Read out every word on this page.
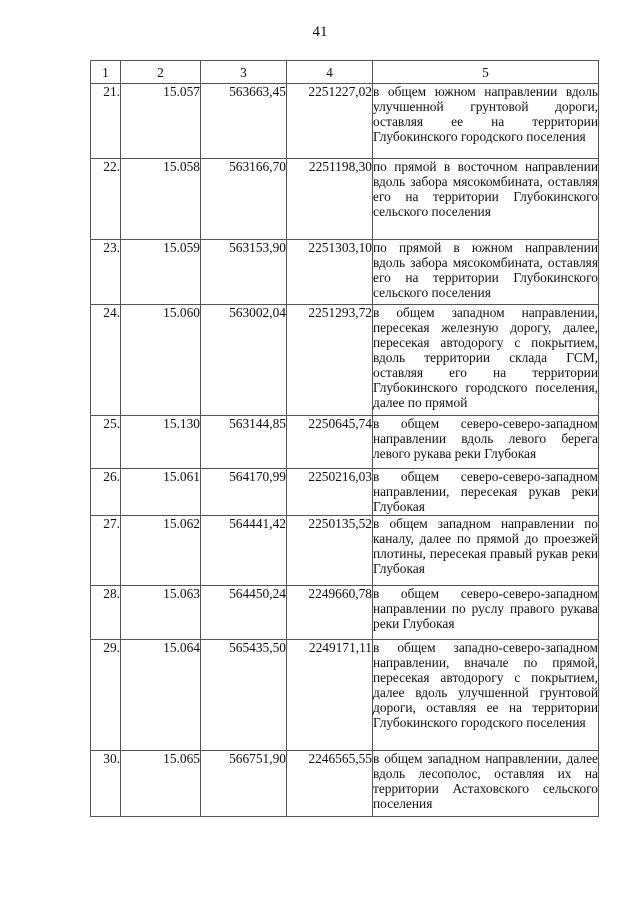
41
1	2	3	4	5
21.	15.057	563663,45	2251227,02	в общем южном направлении вдоль улучшенной грунтовой дороги, оставляя ее на территории Глубокинского городского поселения
22.	15.058	563166,70	2251198,30	по прямой в восточном направлении вдоль забора мясокомбината, оставляя его на территории Глубокинского сельского поселения
23.	15.059	563153,90	2251303,10	по прямой в южном направлении вдоль забора мясокомбината, оставляя его на территории Глубокинского сельского поселения
24.	15.060	563002,04	2251293,72	в общем западном направлении, пересекая железную дорогу, далее, пересекая автодорогу с покрытием, вдоль территории склада ГСМ, оставляя его на территории Глубокинского городского поселения, далее по прямой
25.	15.130	563144,85	2250645,74	в общем северо-северо-западном направлении вдоль левого берега левого рукава реки Глубокая
26.	15.061	564170,99	2250216,03	в общем северо-северо-западном направлении, пересекая рукав реки Глубокая
27.	15.062	564441,42	2250135,52	в общем западном направлении по каналу, далее по прямой до проезжей плотины, пересекая правый рукав реки Глубокая
28.	15.063	564450,24	2249660,78	в общем северо-северо-западном направлении по руслу правого рукава реки Глубокая
29.	15.064	565435,50	2249171,11	в общем западно-северо-западном направлении, вначале по прямой, пересекая автодорогу с покрытием, далее вдоль улучшенной грунтовой дороги, оставляя ее на территории Глубокинского городского поселения
30.	15.065	566751,90	2246565,55	в общем западном направлении, далее вдоль лесополос, оставляя их на территории Астаховского сельского поселения
